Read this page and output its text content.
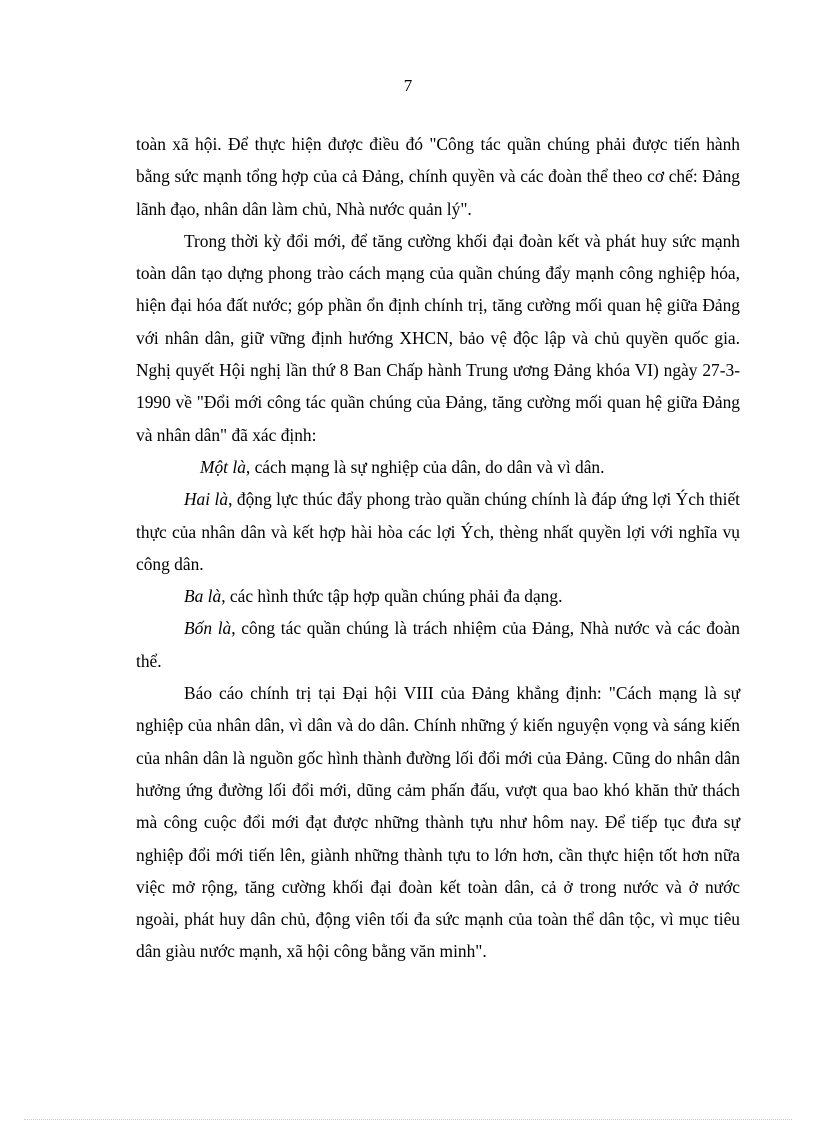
7

toàn xã hội. Để thực hiện được điều đó "Công tác quần chúng phải được tiến hành bằng sức mạnh tổng hợp của cả Đảng, chính quyền và các đoàn thể theo cơ chế: Đảng lãnh đạo, nhân dân làm chủ, Nhà nước quản lý".

Trong thời kỳ đổi mới, để tăng cường khối đại đoàn kết và phát huy sức mạnh toàn dân tạo dựng phong trào cách mạng của quần chúng đẩy mạnh công nghiệp hóa, hiện đại hóa đất nước; góp phần ổn định chính trị, tăng cường mối quan hệ giữa Đảng với nhân dân, giữ vững định hướng XHCN, bảo vệ độc lập và chủ quyền quốc gia. Nghị quyết Hội nghị lần thứ 8 Ban Chấp hành Trung ương Đảng khóa VI) ngày 27-3-1990 về "Đổi mới công tác quần chúng của Đảng, tăng cường mối quan hệ giữa Đảng và nhân dân" đã xác định:

Một là, cách mạng là sự nghiệp của dân, do dân và vì dân.

Hai là, động lực thúc đẩy phong trào quần chúng chính là đáp ứng lợi Ých thiết thực của nhân dân và kết hợp hài hòa các lợi Ých, thèng nhất quyền lợi với nghĩa vụ công dân.

Ba là, các hình thức tập hợp quần chúng phải đa dạng.

Bốn là, công tác quần chúng là trách nhiệm của Đảng, Nhà nước và các đoàn thể.

Báo cáo chính trị tại Đại hội VIII của Đảng khẳng định: "Cách mạng là sự nghiệp của nhân dân, vì dân và do dân. Chính những ý kiến nguyện vọng và sáng kiến của nhân dân là nguồn gốc hình thành đường lối đổi mới của Đảng. Cũng do nhân dân hưởng ứng đường lối đổi mới, dũng cảm phấn đấu, vượt qua bao khó khăn thử thách mà công cuộc đổi mới đạt được những thành tựu như hôm nay. Để tiếp tục đưa sự nghiệp đổi mới tiến lên, giành những thành tựu to lớn hơn, cần thực hiện tốt hơn nữa việc mở rộng, tăng cường khối đại đoàn kết toàn dân, cả ở trong nước và ở nước ngoài, phát huy dân chủ, động viên tối đa sức mạnh của toàn thể dân tộc, vì mục tiêu dân giàu nước mạnh, xã hội công bằng văn minh".
